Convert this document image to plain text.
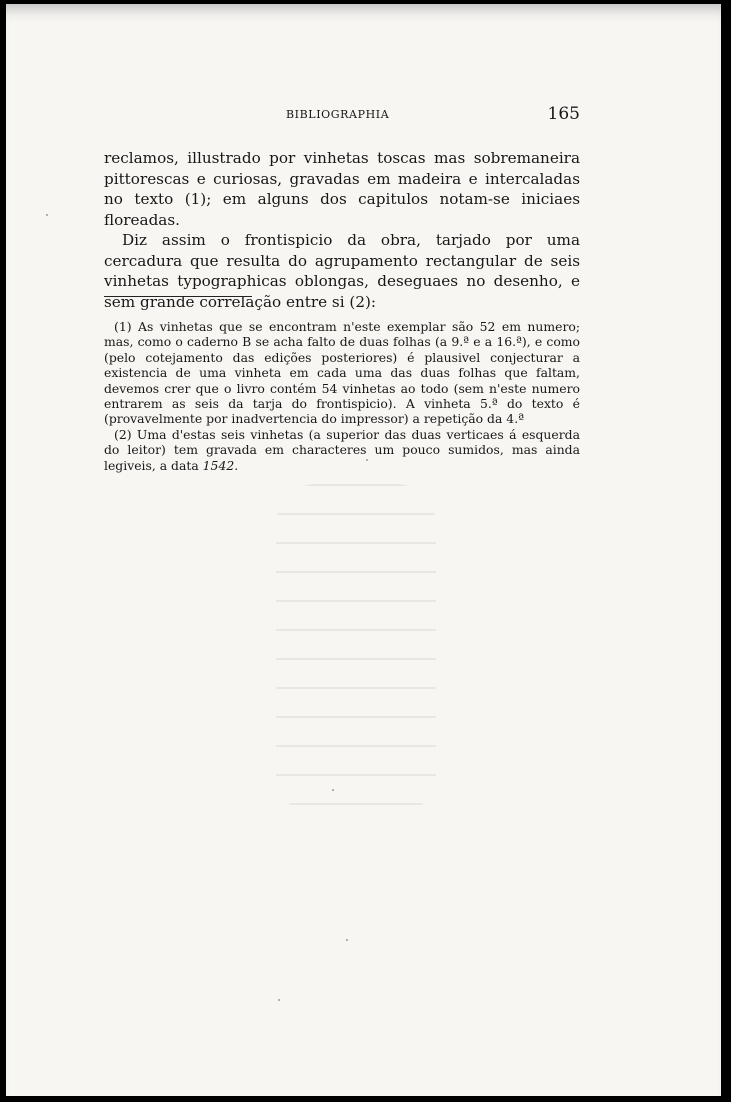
BIBLIOGRAPHIA	165

reclamos, illustrado por vinhetas toscas mas sobremaneira pittorescas e curiosas, gravadas em madeira e intercaladas no texto (1); em alguns dos capitulos notam-se iniciaes floreadas.

Diz assim o frontispicio da obra, tarjado por uma cercadura que resulta do agrupamento rectangular de seis vinhetas typographicas oblongas, deseguaes no desenho, e sem grande correlação entre si (2):

(1) As vinhetas que se encontram n'este exemplar são 52 em numero; mas, como o caderno B se acha falto de duas folhas (a 9.ª e a 16.ª), e como (pelo cotejamento das edições posteriores) é plausivel conjecturar a existencia de uma vinheta em cada uma das duas folhas que faltam, devemos crer que o livro contém 54 vinhetas ao todo (sem n'este numero entrarem as seis da tarja do frontispicio). A vinheta 5.ª do texto é (provavelmente por inadvertencia do impressor) a repetição da 4.ª

(2) Uma d'estas seis vinhetas (a superior das duas verticaes á esquerda do leitor) tem gravada em characteres um pouco sumidos, mas ainda legiveis, a data 1542.
